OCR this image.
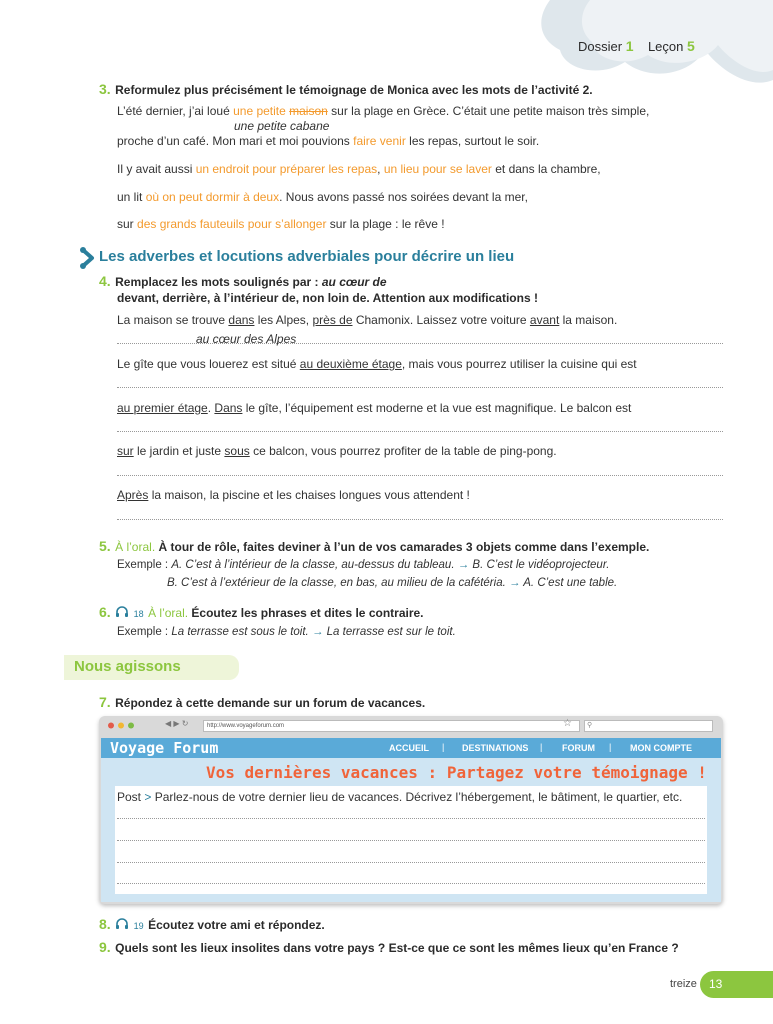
Dossier 1 Leçon 5
3. Reformulez plus précisément le témoignage de Monica avec les mots de l’activité 2.
L’été dernier, j’ai loué une petite maison sur la plage en Grèce. C’était une petite maison très simple,
une petite cabane
proche d’un café. Mon mari et moi pouvions faire venir les repas, surtout le soir.
Il y avait aussi un endroit pour préparer les repas, un lieu pour se laver et dans la chambre,
un lit où on peut dormir à deux. Nous avons passé nos soirées devant la mer,
sur des grands fauteuils pour s’allonger sur la plage : le rêve !
Les adverbes et locutions adverbiales pour décrire un lieu
4. Remplacez les mots soulignés par : au cœur de
devant, derrière, à l’intérieur de, non loin de. Attention aux modifications !
La maison se trouve dans les Alpes, près de Chamonix. Laissez votre voiture avant la maison.
au cœur des Alpes
Le gîte que vous louerez est situé au deuxième étage, mais vous pourrez utiliser la cuisine qui est
au premier étage. Dans le gîte, l’équipement est moderne et la vue est magnifique. Le balcon est
sur le jardin et juste sous ce balcon, vous pourrez profiter de la table de ping-pong.
Après la maison, la piscine et les chaises longues vous attendent !
5. À l’oral. À tour de rôle, faites deviner à l’un de vos camarades 3 objets comme dans l’exemple.
Exemple : A. C’est à l’intérieur de la classe, au-dessus du tableau. → B. C’est le vidéoprojecteur.
B. C’est à l’extérieur de la classe, en bas, au milieu de la cafétéria. → A. C’est une table.
6.	18 À l’oral. Écoutez les phrases et dites le contraire.
Exemple : La terrasse est sous le toit. → La terrasse est sur le toit.
Nous agissons
7. Répondez à cette demande sur un forum de vacances.
◀ ▶ ↻	http://www.voyageforum.com	☆ ⚲
Voyage Forum	ACCUEIL | DESTINATIONS | FORUM | MON COMPTE
Vos dernières vacances : Partagez votre témoignage !
Post > Parlez-nous de votre dernier lieu de vacances. Décrivez l’hébergement, le bâtiment, le quartier, etc.
8.	19 Écoutez votre ami et répondez.
9. Quels sont les lieux insolites dans votre pays ? Est-ce que ce sont les mêmes lieux qu’en France ?
treize 13
